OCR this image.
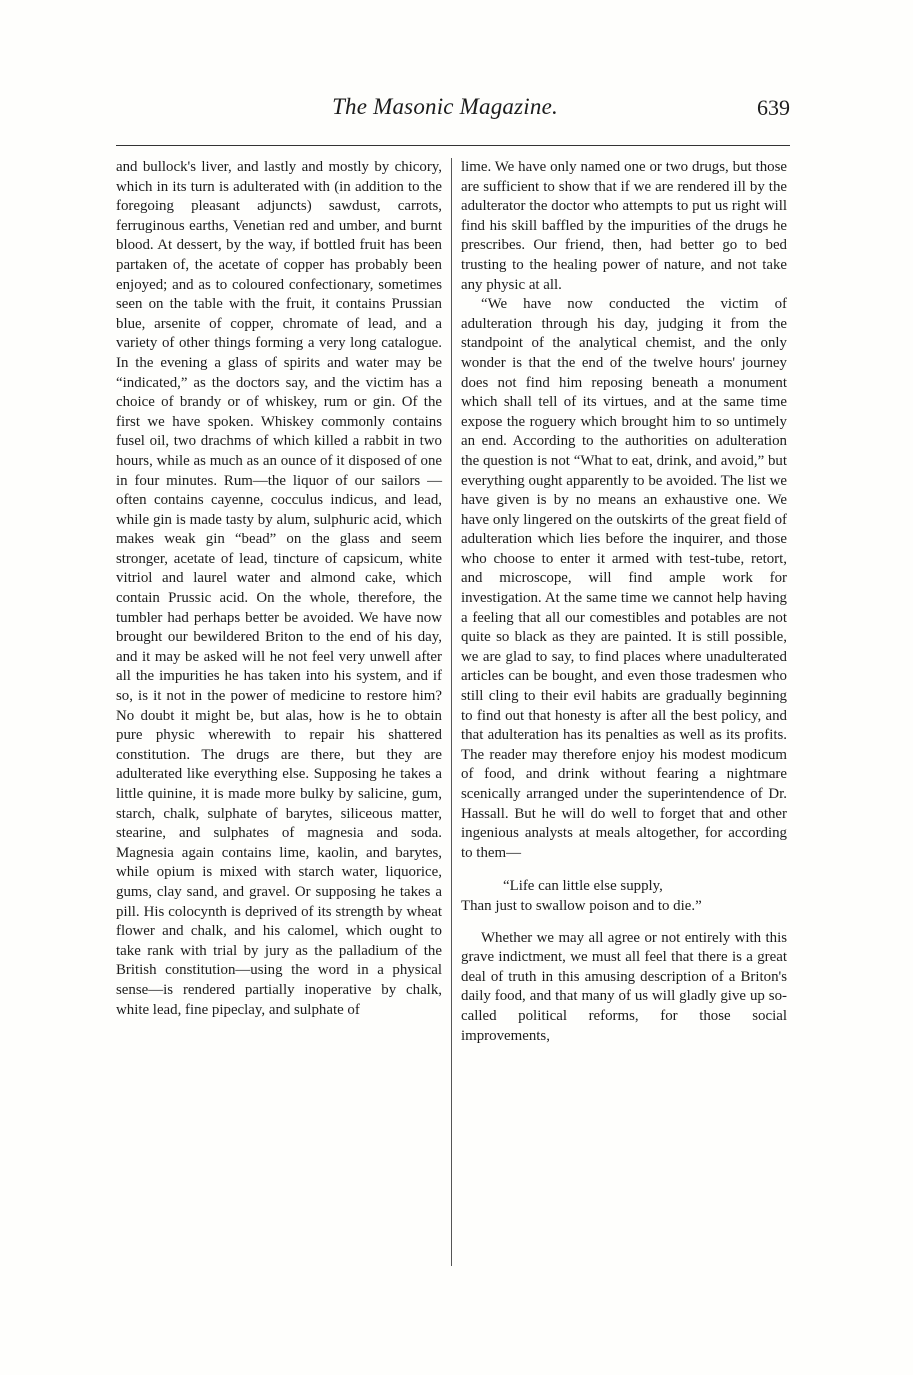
The Masonic Magazine.	639

and bullock's liver, and lastly and mostly by chicory, which in its turn is adulterated with (in addition to the foregoing pleasant adjuncts) sawdust, carrots, ferruginous earths, Venetian red and umber, and burnt blood. At dessert, by the way, if bottled fruit has been partaken of, the acetate of copper has probably been enjoyed; and as to coloured confectionary, sometimes seen on the table with the fruit, it contains Prussian blue, arsenite of copper, chromate of lead, and a variety of other things forming a very long catalogue. In the evening a glass of spirits and water may be “indicated,” as the doctors say, and the victim has a choice of brandy or of whiskey, rum or gin. Of the first we have spoken. Whiskey commonly contains fusel oil, two drachms of which killed a rabbit in two hours, while as much as an ounce of it disposed of one in four minutes. Rum—the liquor of our sailors —often contains cayenne, cocculus indicus, and lead, while gin is made tasty by alum, sulphuric acid, which makes weak gin “bead” on the glass and seem stronger, acetate of lead, tincture of capsicum, white vitriol and laurel water and almond cake, which contain Prussic acid. On the whole, therefore, the tumbler had perhaps better be avoided. We have now brought our bewildered Briton to the end of his day, and it may be asked will he not feel very unwell after all the impurities he has taken into his system, and if so, is it not in the power of medicine to restore him? No doubt it might be, but alas, how is he to obtain pure physic wherewith to repair his shattered constitution. The drugs are there, but they are adulterated like everything else. Supposing he takes a little quinine, it is made more bulky by salicine, gum, starch, chalk, sulphate of barytes, siliceous matter, stearine, and sulphates of magnesia and soda. Magnesia again contains lime, kaolin, and barytes, while opium is mixed with starch water, liquorice, gums, clay sand, and gravel. Or supposing he takes a pill. His colocynth is deprived of its strength by wheat flower and chalk, and his calomel, which ought to take rank with trial by jury as the palladium of the British constitution—using the word in a physical sense—is rendered partially inoperative by chalk, white lead, fine pipeclay, and sulphate of

lime. We have only named one or two drugs, but those are sufficient to show that if we are rendered ill by the adulterator the doctor who attempts to put us right will find his skill baffled by the impurities of the drugs he prescribes. Our friend, then, had better go to bed trusting to the healing power of nature, and not take any physic at all.

“We have now conducted the victim of adulteration through his day, judging it from the standpoint of the analytical chemist, and the only wonder is that the end of the twelve hours' journey does not find him reposing beneath a monument which shall tell of its virtues, and at the same time expose the roguery which brought him to so untimely an end. According to the authorities on adulteration the question is not “What to eat, drink, and avoid,” but everything ought apparently to be avoided. The list we have given is by no means an exhaustive one. We have only lingered on the outskirts of the great field of adulteration which lies before the inquirer, and those who choose to enter it armed with test-tube, retort, and microscope, will find ample work for investigation. At the same time we cannot help having a feeling that all our comestibles and potables are not quite so black as they are painted. It is still possible, we are glad to say, to find places where unadulterated articles can be bought, and even those tradesmen who still cling to their evil habits are gradually beginning to find out that honesty is after all the best policy, and that adulteration has its penalties as well as its profits. The reader may therefore enjoy his modest modicum of food, and drink without fearing a nightmare scenically arranged under the superintendence of Dr. Hassall. But he will do well to forget that and other ingenious analysts at meals altogether, for according to them—

“Life can little else supply,
Than just to swallow poison and to die.”

Whether we may all agree or not entirely with this grave indictment, we must all feel that there is a great deal of truth in this amusing description of a Briton's daily food, and that many of us will gladly give up so-called political reforms, for those social improvements,
